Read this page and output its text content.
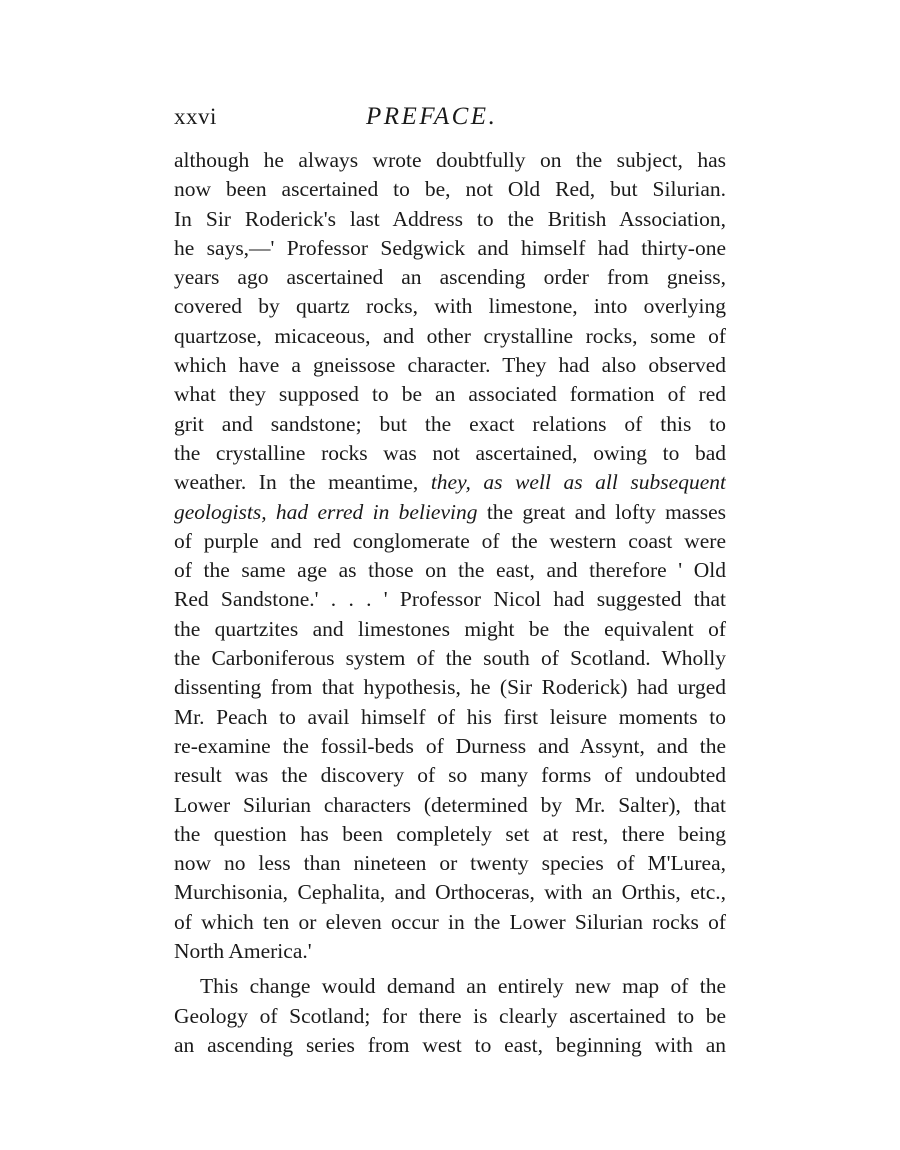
xxvi	PREFACE.
although he always wrote doubtfully on the subject, has
now been ascertained to be, not Old Red, but Silurian.
In Sir Roderick's last Address to the British Association,
he says,—' Professor Sedgwick and himself had thirty-one
years ago ascertained an ascending order from gneiss,
covered by quartz rocks, with limestone, into overlying
quartzose, micaceous, and other crystalline rocks, some of
which have a gneissose character. They had also observed
what they supposed to be an associated formation of red
grit and sandstone; but the exact relations of this to
the crystalline rocks was not ascertained, owing to bad
weather. In the meantime, they, as well as all subsequent
geologists, had erred in believing the great and lofty masses
of purple and red conglomerate of the western coast were
of the same age as those on the east, and therefore ' Old
Red Sandstone.' . . . ' Professor Nicol had suggested that
the quartzites and limestones might be the equivalent of
the Carboniferous system of the south of Scotland. Wholly
dissenting from that hypothesis, he (Sir Roderick) had urged
Mr. Peach to avail himself of his first leisure moments to
re-examine the fossil-beds of Durness and Assynt, and the
result was the discovery of so many forms of undoubted
Lower Silurian characters (determined by Mr. Salter), that
the question has been completely set at rest, there being
now no less than nineteen or twenty species of M'Lurea,
Murchisonia, Cephalita, and Orthoceras, with an Orthis, etc.,
of which ten or eleven occur in the Lower Silurian rocks of
North America.'
This change would demand an entirely new map of the
Geology of Scotland; for there is clearly ascertained to be
an ascending series from west to east, beginning with an
